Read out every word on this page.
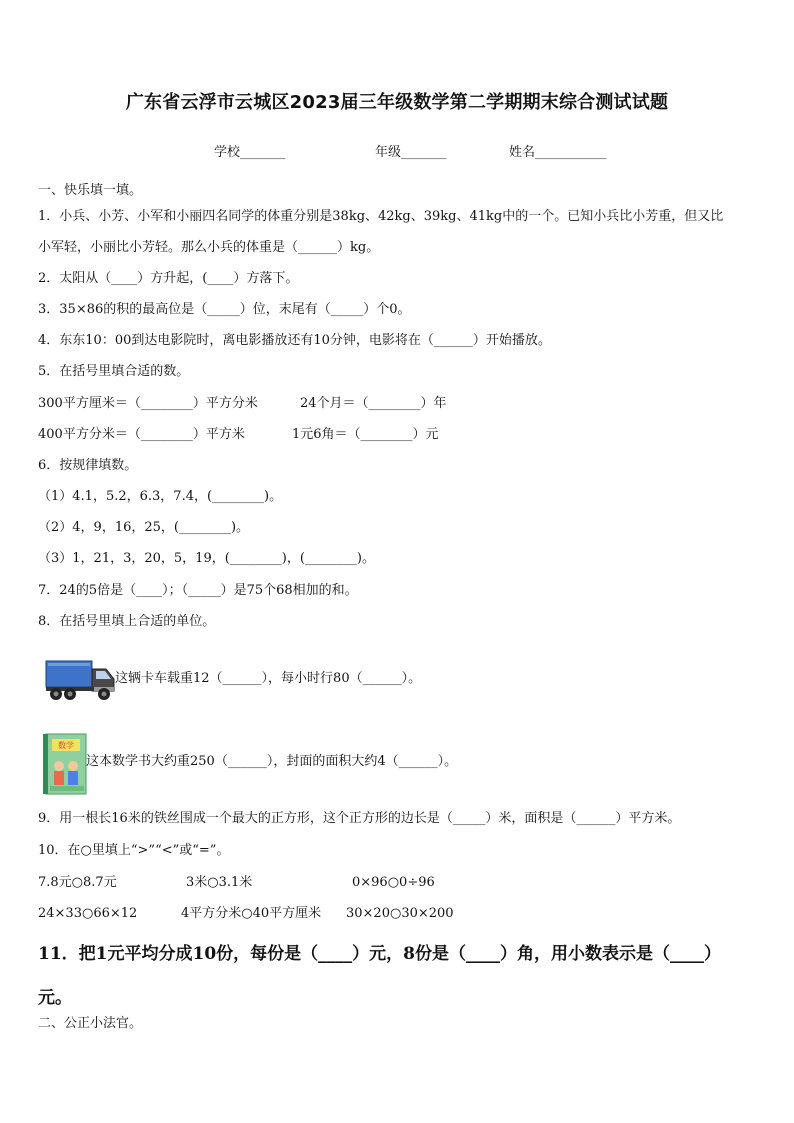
广东省云浮市云城区2023届三年级数学第二学期期末综合测试试题
学校_______	年级_______	姓名___________
一、快乐填一填。
1．小兵、小芳、小军和小丽四名同学的体重分别是38kg、42kg、39kg、41kg中的一个。已知小兵比小芳重，但又比
小军轻，小丽比小芳轻。那么小兵的体重是（______）kg。
2．太阳从（____）方升起，(____）方落下。
3．35×86的积的最高位是（_____）位，末尾有（_____）个0。
4．东东10：00到达电影院时，离电影播放还有10分钟，电影将在（______）开始播放。
5．在括号里填合适的数。
300平方厘米＝（________）平方分米	24个月＝（________）年
400平方分米＝（________）平方米	1元6角＝（________）元
6．按规律填数。
（1）4.1，5.2，6.3，7.4，(________)。
（2）4，9，16，25，(________)。
（3）1，21，3，20，5，19，(________)，(________)。
7．24的5倍是（____）；（_____）是75个68相加的和。
8．在括号里填上合适的单位。
这辆卡车载重12（______），每小时行80（______）。
数学
这本数学书大约重250（______），封面的面积大约4（______）。
9．用一根长16米的铁丝围成一个最大的正方形，这个正方形的边长是（_____）米，面积是（______）平方米。
10．在○里填上“>”“<”或“=”。
7.8元○8.7元	3米○3.1米	0×96○0÷96
24×33○66×12	4平方分米○40平方厘米 30×20○30×200
11．把1元平均分成10份，每份是（____）元，8份是（____）角，用小数表示是（____）
元。
二、公正小法官。
